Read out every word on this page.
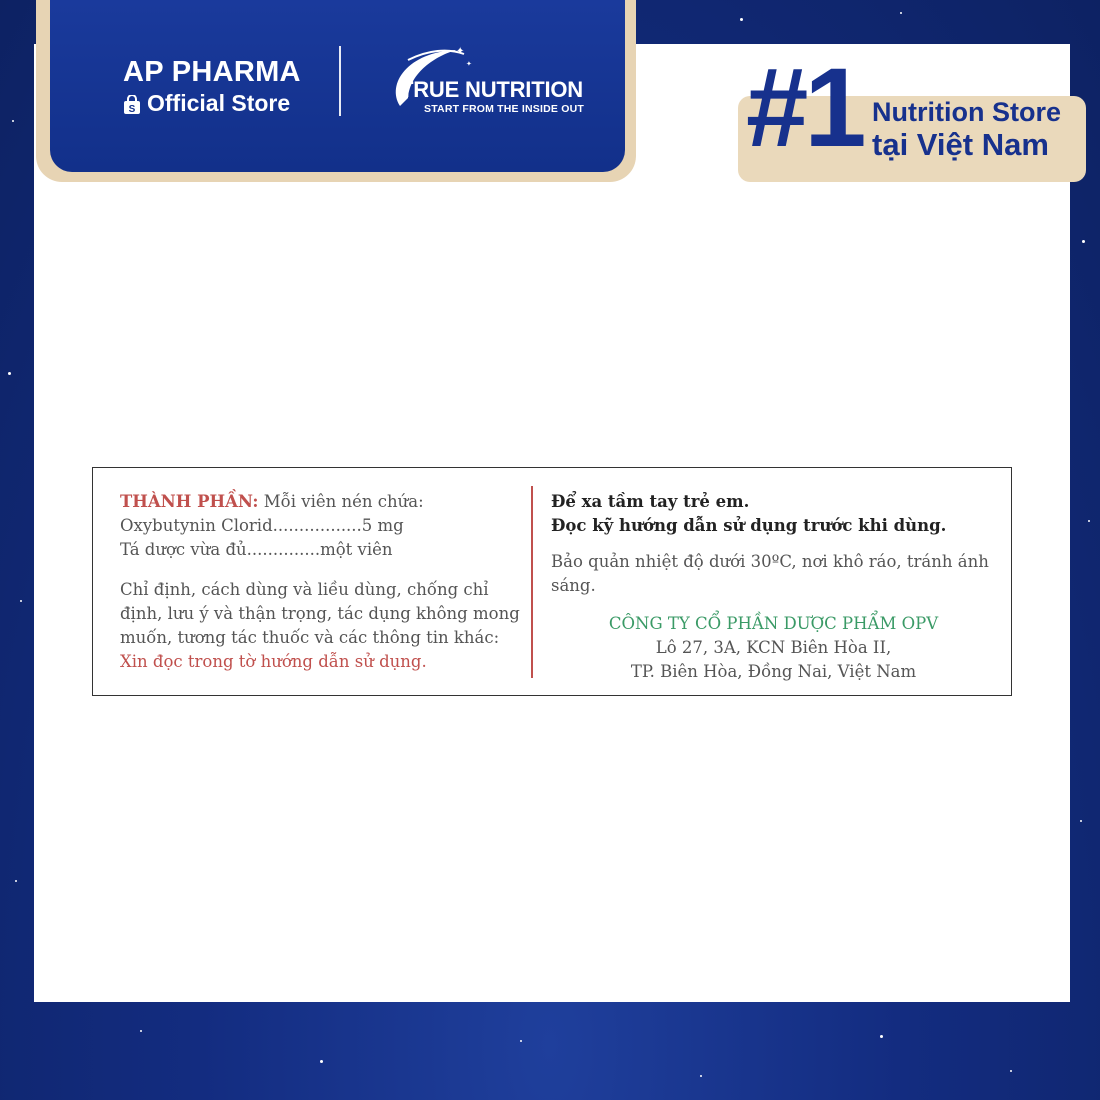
AP PHARMA
S Official Store
✦
✦
TRUE NUTRITION
START FROM THE INSIDE OUT #1 Nutrition Store
tại Việt Nam
THÀNH PHẦN: Mỗi viên nén chứa:
Oxybutynin Clorid.................5 mg
Tá dược vừa đủ..............một viên
Chỉ định, cách dùng và liều dùng, chống chỉ định, lưu ý và thận trọng, tác dụng không mong muốn, tương tác thuốc và các thông tin khác: Xin đọc trong tờ hướng dẫn sử dụng.
Để xa tầm tay trẻ em.
Đọc kỹ hướng dẫn sử dụng trước khi dùng.
Bảo quản nhiệt độ dưới 30ºC, nơi khô ráo, tránh ánh sáng.
CÔNG TY CỔ PHẦN DƯỢC PHẨM OPV
Lô 27, 3A, KCN Biên Hòa II,
TP. Biên Hòa, Đồng Nai, Việt Nam
